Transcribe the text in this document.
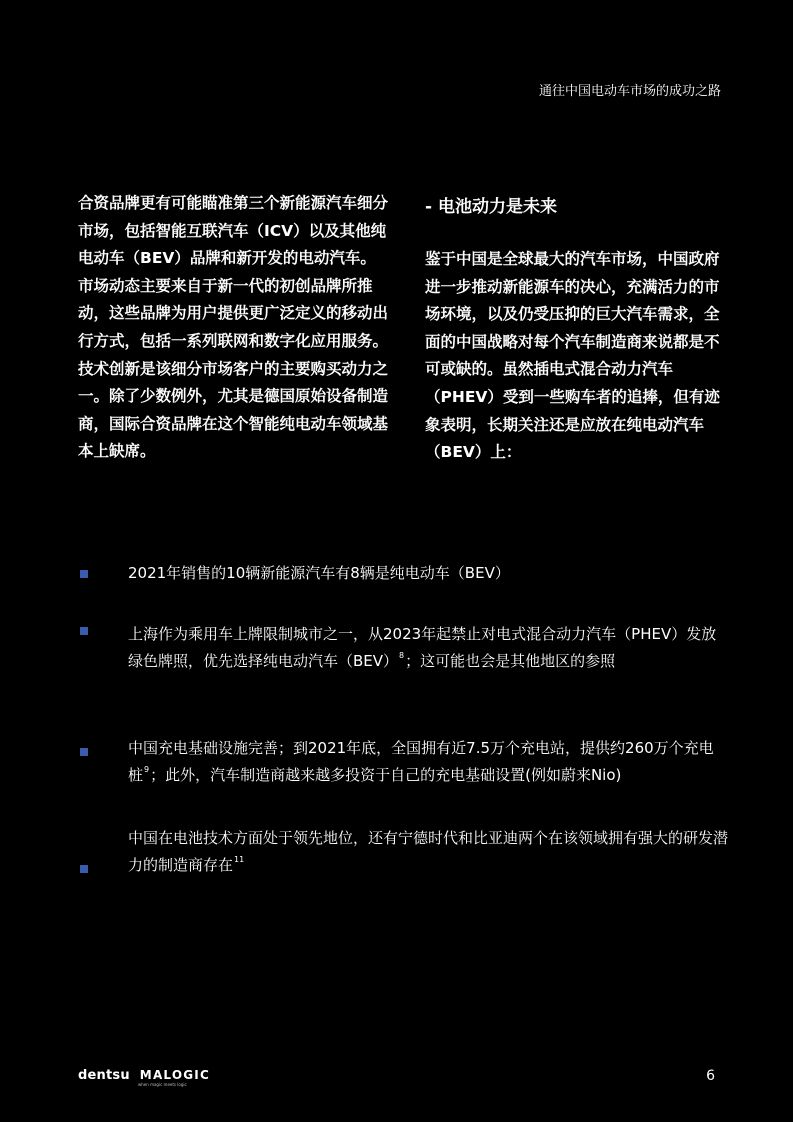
通往中国电动车市场的成功之路

合资品牌更有可能瞄准第三个新能源汽车细分市场，包括智能互联汽车（ICV）以及其他纯电动车（BEV）品牌和新开发的电动汽车。市场动态主要来自于新一代的初创品牌所推动，这些品牌为用户提供更广泛定义的移动出行方式，包括一系列联网和数字化应用服务。技术创新是该细分市场客户的主要购买动力之一。除了少数例外，尤其是德国原始设备制造商，国际合资品牌在这个智能纯电动车领域基本上缺席。

- 电池动力是未来

鉴于中国是全球最大的汽车市场，中国政府进一步推动新能源车的决心，充满活力的市场环境，以及仍受压抑的巨大汽车需求，全面的中国战略对每个汽车制造商来说都是不可或缺的。虽然插电式混合动力汽车（PHEV）受到一些购车者的追捧，但有迹象表明，长期关注还是应放在纯电动汽车（BEV）上：

2021年销售的10辆新能源汽车有8辆是纯电动车（BEV）

上海作为乘用车上牌限制城市之一，从2023年起禁止对电式混合动力汽车（PHEV）发放绿色牌照，优先选择纯电动汽车（BEV）$^8$；这可能也会是其他地区的参照

中国充电基础设施完善；到2021年底，全国拥有近7.5万个充电站，提供约260万个充电桩$^9$；此外，汽车制造商越来越多投资于自己的充电基础设置(例如蔚来Nio)

中国在电池技术方面处于领先地位，还有宁德时代和比亚迪两个在该领域拥有强大的研发潜力的制造商存在$^{11}$

dentsu MALOGIC
when magic meets logic
6
